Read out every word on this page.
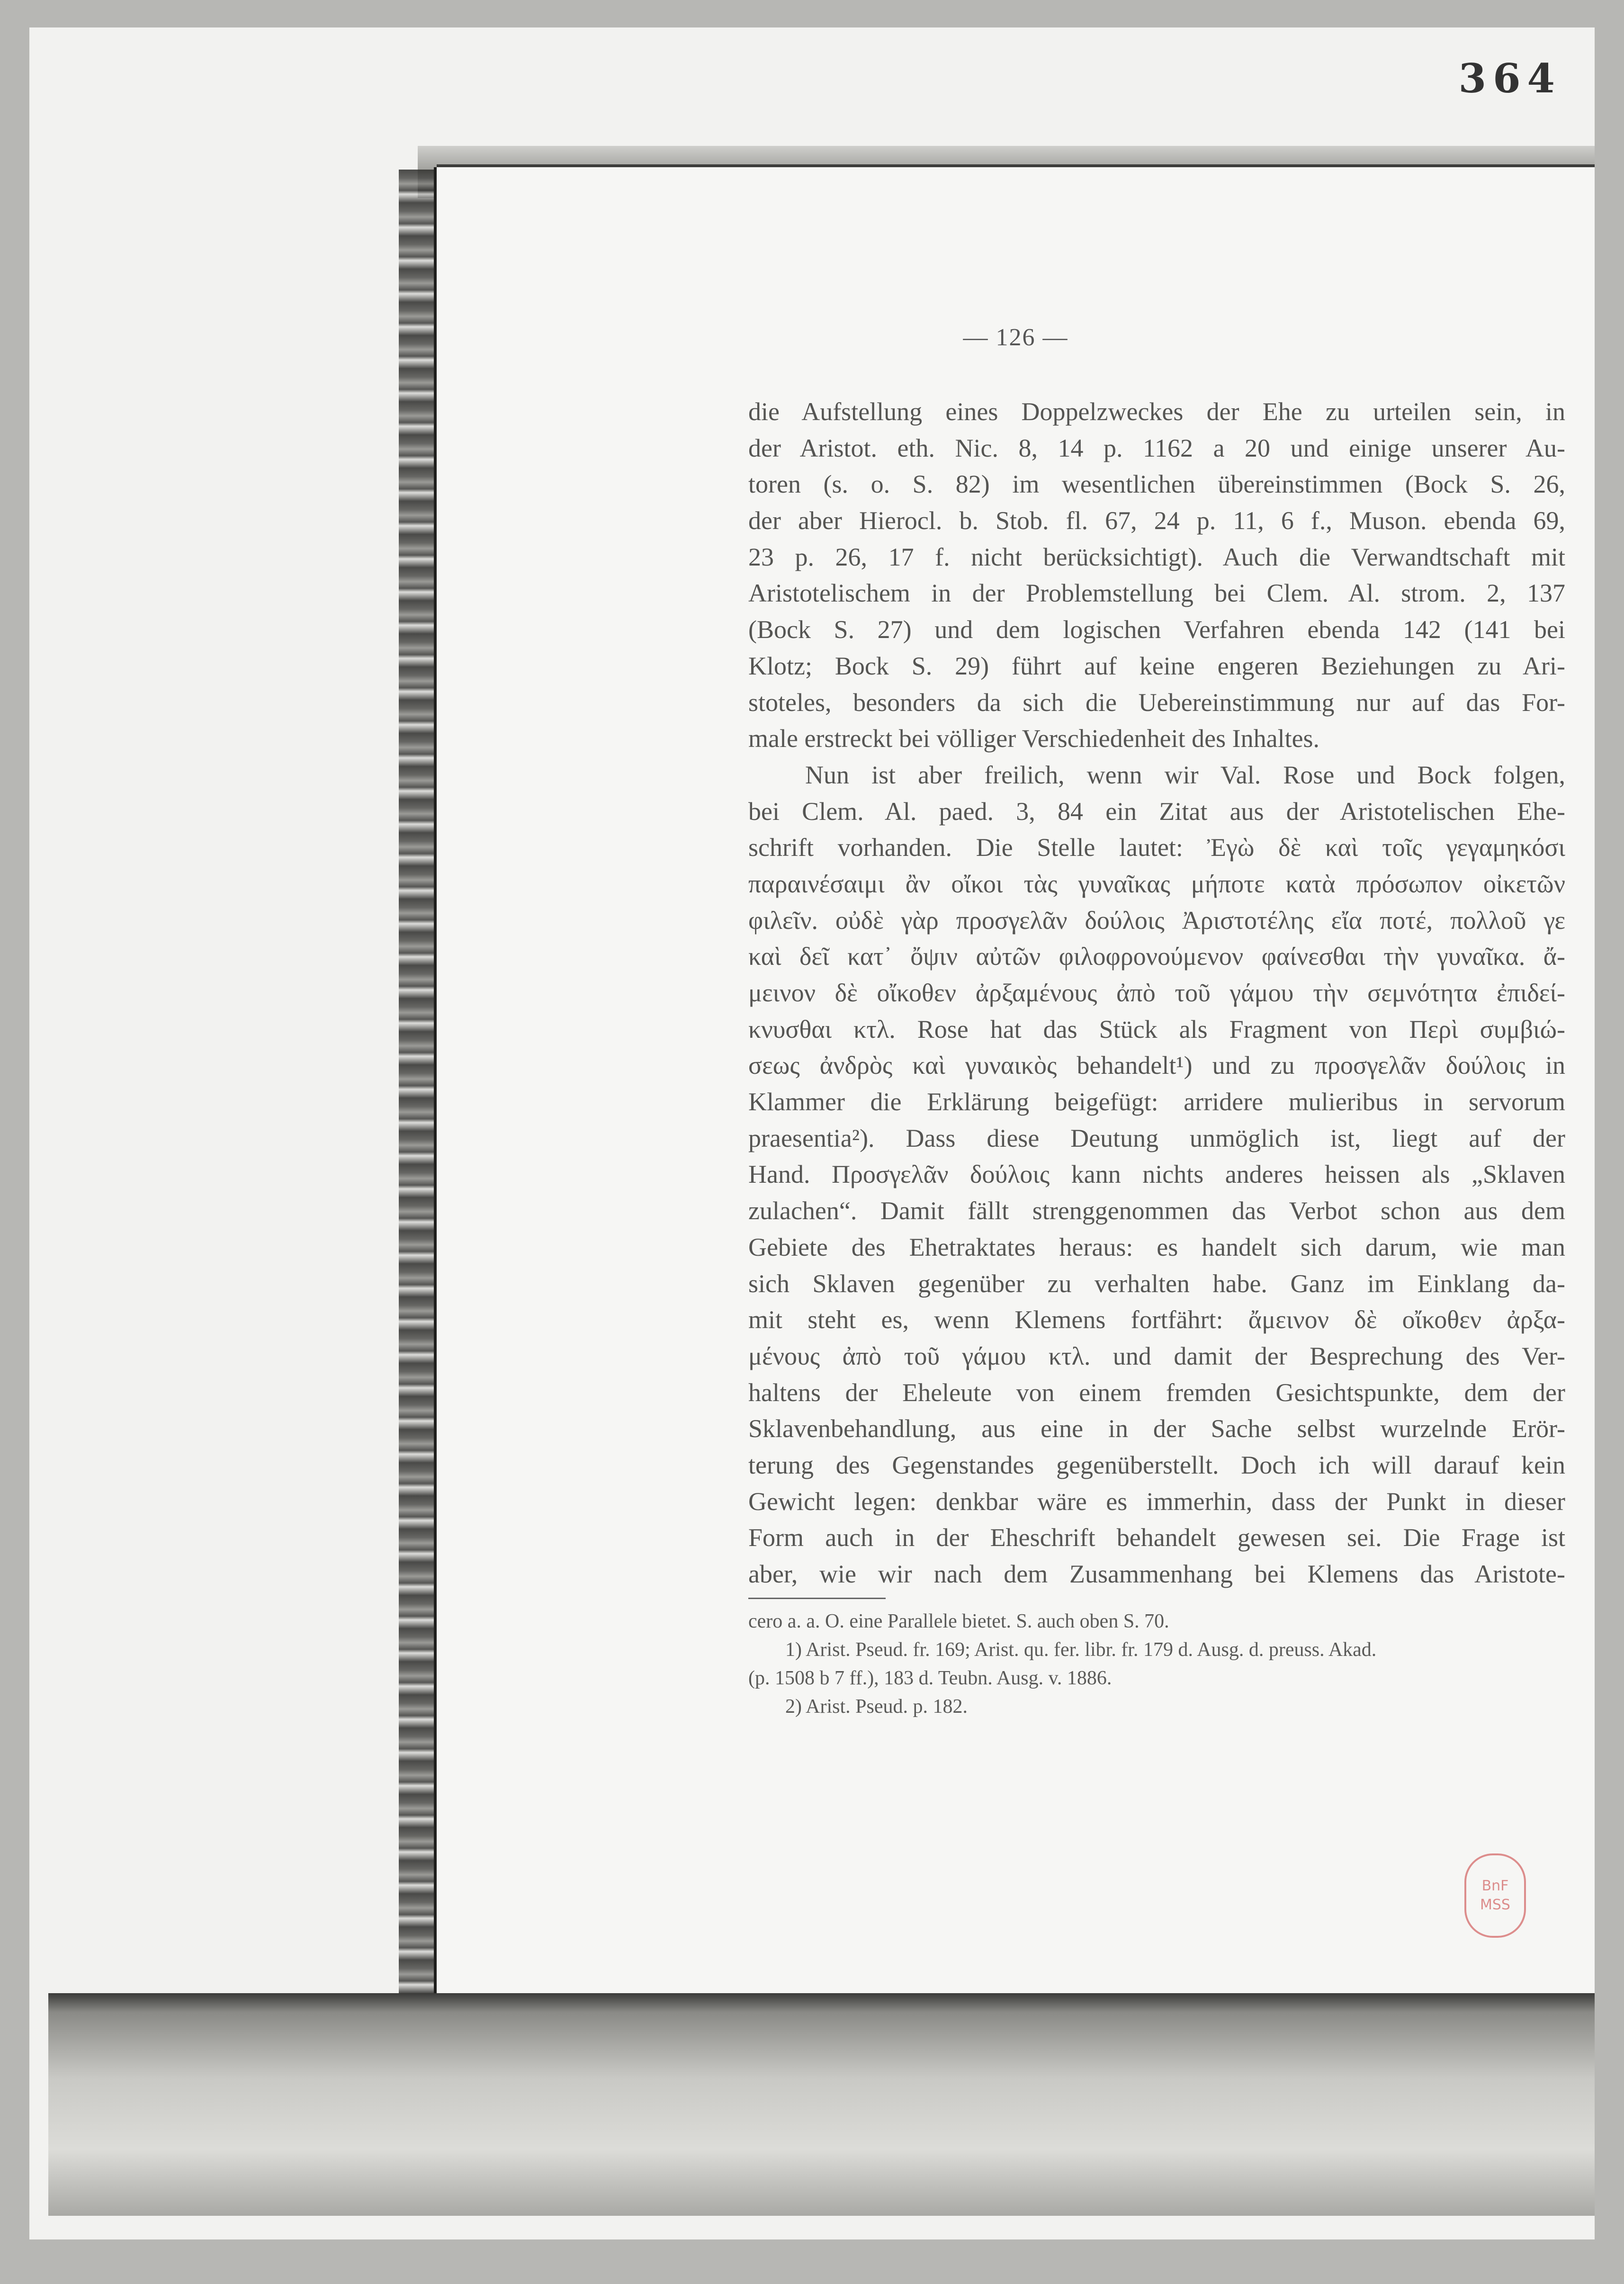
364
— 126 —
die Aufstellung eines Doppelzweckes der Ehe zu urteilen sein, in
der Aristot. eth. Nic. 8, 14 p. 1162 a 20 und einige unserer Au-
toren (s. o. S. 82) im wesentlichen übereinstimmen (Bock S. 26,
der aber Hierocl. b. Stob. fl. 67, 24 p. 11, 6 f., Muson. ebenda 69,
23 p. 26, 17 f. nicht berücksichtigt). Auch die Verwandtschaft mit
Aristotelischem in der Problemstellung bei Clem. Al. strom. 2, 137
(Bock S. 27) und dem logischen Verfahren ebenda 142 (141 bei
Klotz; Bock S. 29) führt auf keine engeren Beziehungen zu Ari-
stoteles, besonders da sich die Uebereinstimmung nur auf das For-
male erstreckt bei völliger Verschiedenheit des Inhaltes.
Nun ist aber freilich, wenn wir Val. Rose und Bock folgen,
bei Clem. Al. paed. 3, 84 ein Zitat aus der Aristotelischen Ehe-
schrift vorhanden. Die Stelle lautet: Ἐγὼ δὲ καὶ τοῖς γεγαμηκόσι
παραινέσαιμι ἂν οἴκοι τὰς γυναῖκας μήποτε κατὰ πρόσωπον οἰκετῶν
φιλεῖν. οὐδὲ γὰρ προσγελᾶν δούλοις Ἀριστοτέλης εἴα ποτέ, πολλοῦ γε
καὶ δεῖ κατ᾽ ὄψιν αὐτῶν φιλοφρονούμενον φαίνεσθαι τὴν γυναῖκα. ἄ-
μεινον δὲ οἴκοθεν ἀρξαμένους ἀπὸ τοῦ γάμου τὴν σεμνότητα ἐπιδεί-
κνυσθαι κτλ. Rose hat das Stück als Fragment von Περὶ συμβιώ-
σεως ἀνδρὸς καὶ γυναικὸς behandelt¹) und zu προσγελᾶν δούλοις in
Klammer die Erklärung beigefügt: arridere mulieribus in servorum
praesentia²). Dass diese Deutung unmöglich ist, liegt auf der
Hand. Προσγελᾶν δούλοις kann nichts anderes heissen als „Sklaven
zulachen“. Damit fällt strenggenommen das Verbot schon aus dem
Gebiete des Ehetraktates heraus: es handelt sich darum, wie man
sich Sklaven gegenüber zu verhalten habe. Ganz im Einklang da-
mit steht es, wenn Klemens fortfährt: ἄμεινον δὲ οἴκοθεν ἀρξα-
μένους ἀπὸ τοῦ γάμου κτλ. und damit der Besprechung des Ver-
haltens der Eheleute von einem fremden Gesichtspunkte, dem der
Sklavenbehandlung, aus eine in der Sache selbst wurzelnde Erör-
terung des Gegenstandes gegenüberstellt. Doch ich will darauf kein
Gewicht legen: denkbar wäre es immerhin, dass der Punkt in dieser
Form auch in der Eheschrift behandelt gewesen sei. Die Frage ist
aber, wie wir nach dem Zusammenhang bei Klemens das Aristote-
cero a. a. O. eine Parallele bietet. S. auch oben S. 70.
1) Arist. Pseud. fr. 169; Arist. qu. fer. libr. fr. 179 d. Ausg. d. preuss. Akad.
(p. 1508 b 7 ff.), 183 d. Teubn. Ausg. v. 1886.
2) Arist. Pseud. p. 182.
BnF
MSS
